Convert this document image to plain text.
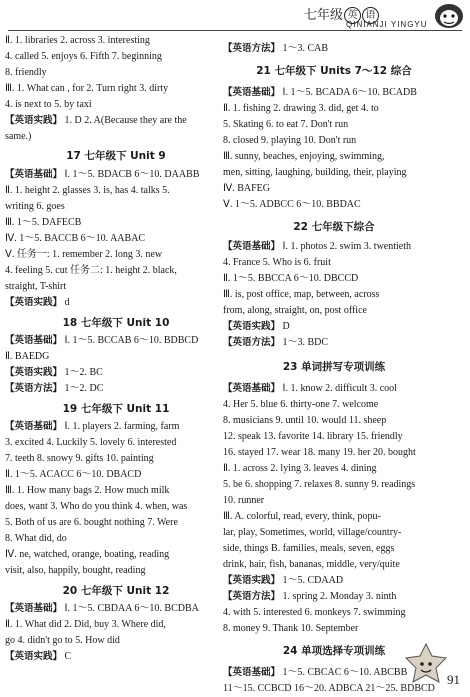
七年级 英 语
QINIANJI YINGYU
Ⅱ. 1. libraries 2. across 3. interesting
4. called 5. enjoys 6. Fifth 7. beginning
8. friendly
Ⅲ. 1. What can , for 2. Turn right 3. dirty
4. is next to 5. by taxi
【英语实践】 1. D 2. A(Because they are the
same.)
17 七年级下 Unit 9
【英语基础】 Ⅰ. 1～5. BDACB 6～10. DAABB
Ⅱ. 1. height 2. glasses 3. is, has 4. talks 5.
writing 6. goes
Ⅲ. 1～5. DAFECB
Ⅳ. 1～5. BACCB 6～10. AABAC
Ⅴ. 任务一: 1. remember 2. long 3. new
4. feeling 5. cut 任务二: 1. height 2. black,
straight, T-shirt
【英语实践】 d
18 七年级下 Unit 10
【英语基础】 Ⅰ. 1～5. BCCAB 6～10. BDBCD
Ⅱ. BAEDG
【英语实践】 1～2. BC
【英语方法】 1～2. DC
19 七年级下 Unit 11
【英语基础】 Ⅰ. 1. players 2. farming, farm
3. excited 4. Luckily 5. lovely 6. interested
7. teeth 8. snowy 9. gifts 10. painting
Ⅱ. 1～5. ACACC 6～10. DBACD
Ⅲ. 1. How many bags 2. How much milk
does, want 3. Who do you think 4. when, was
5. Both of us are 6. bought nothing 7. Were
8. What did, do
Ⅳ. ne, watched, orange, boating, reading
visit, also, happily, bought, reading
20 七年级下 Unit 12
【英语基础】 Ⅰ. 1～5. CBDAA 6～10. BCDBA
Ⅱ. 1. What did 2. Did, buy 3. Where did,
go 4. didn't go to 5. How did
【英语实践】 C
【英语方法】 1～3. CAB
21 七年级下 Units 7～12 综合
【英语基础】 Ⅰ. 1～5. BCADA 6～10. BCADB
Ⅱ. 1. fishing 2. drawing 3. did, get 4. to
5. Skating 6. to eat 7. Don't run
8. closed 9. playing 10. Don't run
Ⅲ. sunny, beaches, enjoying, swimming,
men, sitting, laughing, building, their, playing
Ⅳ. BAFEG
Ⅴ. 1～5. ADBCC 6～10. BBDAC
22 七年级下综合
【英语基础】 Ⅰ. 1. photos 2. swim 3. twentieth
4. France 5. Who is 6. fruit
Ⅱ. 1～5. BBCCA 6～10. DBCCD
Ⅲ. is, post office, map, between, across
from, along, straight, on, post office
【英语实践】 D
【英语方法】 1～3. BDC
23 单词拼写专项训练
【英语基础】 Ⅰ. 1. know 2. difficult 3. cool
4. Her 5. blue 6. thirty-one 7. welcome
8. musicians 9. until 10. would 11. sheep
12. speak 13. favorite 14. library 15. friendly
16. stayed 17. wear 18. many 19. her 20. bought
Ⅱ. 1. across 2. lying 3. leaves 4. dining
5. be 6. shopping 7. relaxes 8. sunny 9. readings
10. runner
Ⅲ. A. colorful, read, every, think, popu-
lar, play, Sometimes, world, village/country-
side, things B. families, meals, seven, eggs
drink, hair, fish, bananas, middle, very/quite
【英语实践】 1～5. CDAAD
【英语方法】 1. spring 2. Monday 3. ninth
4. with 5. interested 6. monkeys 7. swimming
8. money 9. Thank 10. September
24 单项选择专项训练
【英语基础】 1～5. CBCAC 6～10. ABCBB
11～15. CCBCD 16～20. ADBCA 21～25. BDBCD
91
